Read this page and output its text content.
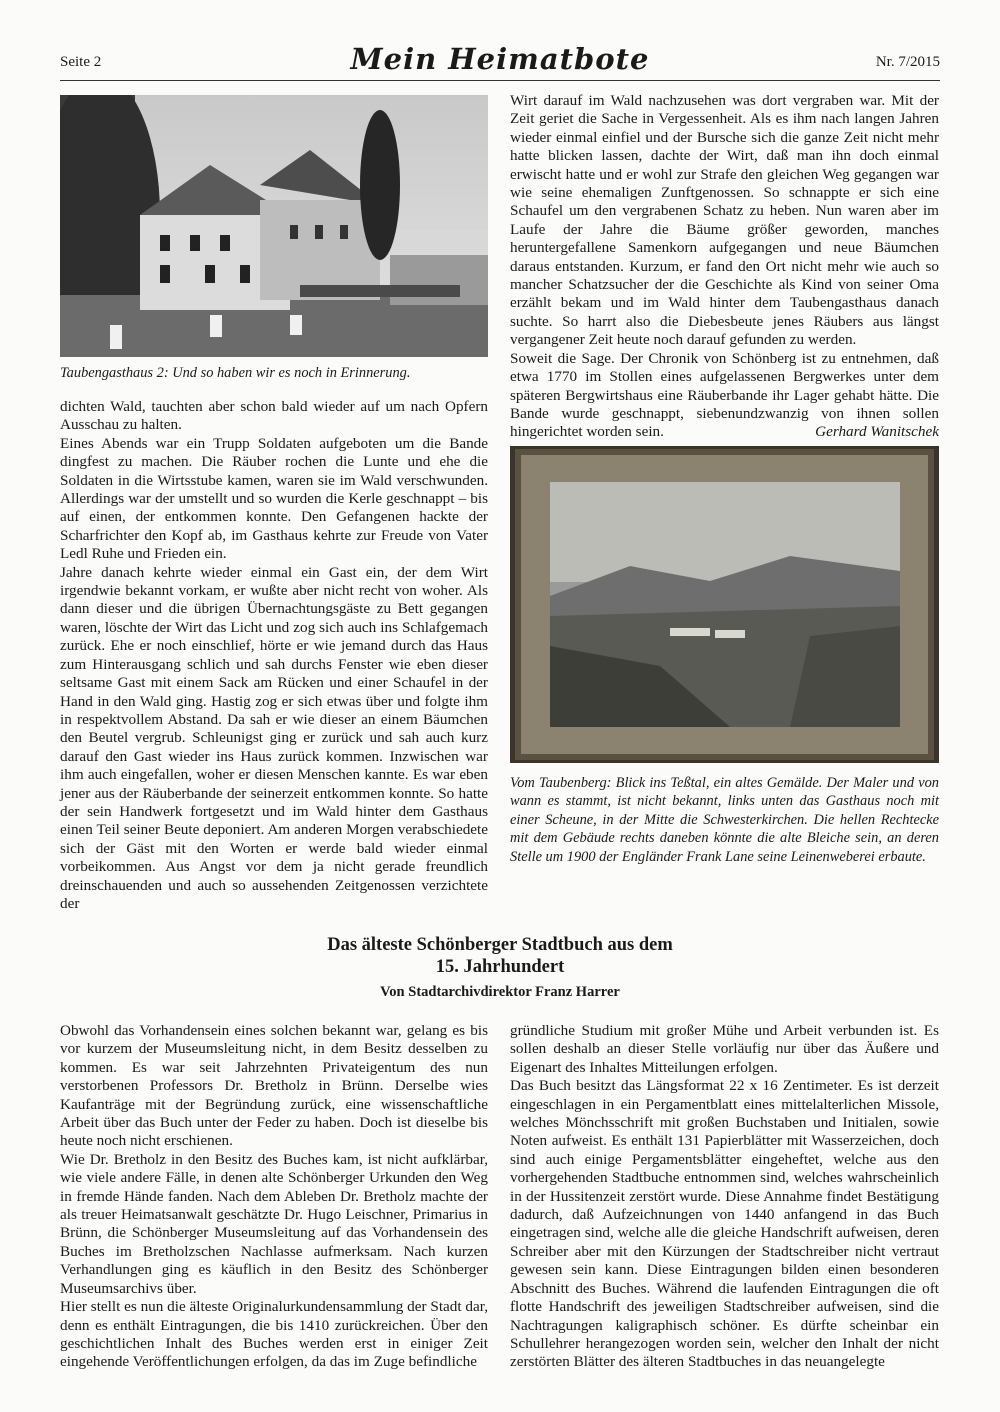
Seite 2	Mein Heimatbote	Nr. 7/2015
Taubengasthaus 2: Und so haben wir es noch in Erinnerung.

dichten Wald, tauchten aber schon bald wieder auf um nach Opfern Ausschau zu halten.

Eines Abends war ein Trupp Soldaten aufgeboten um die Bande dingfest zu machen. Die Räuber rochen die Lunte und ehe die Soldaten in die Wirtsstube kamen, waren sie im Wald verschwunden. Allerdings war der umstellt und so wurden die Kerle geschnappt – bis auf einen, der entkommen konnte. Den Gefangenen hackte der Scharfrichter den Kopf ab, im Gasthaus kehrte zur Freude von Vater Ledl Ruhe und Frieden ein.

Jahre danach kehrte wieder einmal ein Gast ein, der dem Wirt irgendwie bekannt vorkam, er wußte aber nicht recht von woher. Als dann dieser und die übrigen Übernachtungsgäste zu Bett gegangen waren, löschte der Wirt das Licht und zog sich auch ins Schlafgemach zurück. Ehe er noch einschlief, hörte er wie jemand durch das Haus zum Hinterausgang schlich und sah durchs Fenster wie eben dieser seltsame Gast mit einem Sack am Rücken und einer Schaufel in der Hand in den Wald ging. Hastig zog er sich etwas über und folgte ihm in respektvollem Abstand. Da sah er wie dieser an einem Bäumchen den Beutel vergrub. Schleunigst ging er zurück und sah auch kurz darauf den Gast wieder ins Haus zurück kommen. Inzwischen war ihm auch eingefallen, woher er diesen Menschen kannte. Es war eben jener aus der Räuberbande der seinerzeit entkommen konnte. So hatte der sein Handwerk fortgesetzt und im Wald hinter dem Gasthaus einen Teil seiner Beute deponiert. Am anderen Morgen verabschiedete sich der Gäst mit den Worten er werde bald wieder einmal vorbeikommen. Aus Angst vor dem ja nicht gerade freundlich dreinschauenden und auch so aussehenden Zeitgenossen verzichtete der

Wirt darauf im Wald nachzusehen was dort vergraben war. Mit der Zeit geriet die Sache in Vergessenheit. Als es ihm nach langen Jahren wieder einmal einfiel und der Bursche sich die ganze Zeit nicht mehr hatte blicken lassen, dachte der Wirt, daß man ihn doch einmal erwischt hatte und er wohl zur Strafe den gleichen Weg gegangen war wie seine ehemaligen Zunftgenossen. So schnappte er sich eine Schaufel um den vergrabenen Schatz zu heben. Nun waren aber im Laufe der Jahre die Bäume größer geworden, manches heruntergefallene Samenkorn aufgegangen und neue Bäumchen daraus entstanden. Kurzum, er fand den Ort nicht mehr wie auch so mancher Schatzsucher der die Geschichte als Kind von seiner Oma erzählt bekam und im Wald hinter dem Taubengasthaus danach suchte. So harrt also die Diebesbeute jenes Räubers aus längst vergangener Zeit heute noch darauf gefunden zu werden.

Soweit die Sage. Der Chronik von Schönberg ist zu entnehmen, daß etwa 1770 im Stollen eines aufgelassenen Bergwerkes unter dem späteren Bergwirtshaus eine Räuberbande ihr Lager gehabt hätte. Die Bande wurde geschnappt, siebenundzwanzig von ihnen sollen hingerichtet worden sein.	Gerhard Wanitschek

Vom Taubenberg: Blick ins Teßtal, ein altes Gemälde. Der Maler und von wann es stammt, ist nicht bekannt, links unten das Gasthaus noch mit einer Scheune, in der Mitte die Schwesterkirchen. Die hellen Rechtecke mit dem Gebäude rechts daneben könnte die alte Bleiche sein, an deren Stelle um 1900 der Engländer Frank Lane seine Leinenweberei erbaute.
Das älteste Schönberger Stadtbuch aus dem
15. Jahrhundert
Von Stadtarchivdirektor Franz Harrer

Obwohl das Vorhandensein eines solchen bekannt war, gelang es bis vor kurzem der Museumsleitung nicht, in dem Besitz desselben zu kommen. Es war seit Jahrzehnten Privateigentum des nun verstorbenen Professors Dr. Bretholz in Brünn. Derselbe wies Kaufanträge mit der Begründung zurück, eine wissenschaftliche Arbeit über das Buch unter der Feder zu haben. Doch ist dieselbe bis heute noch nicht erschienen.

Wie Dr. Bretholz in den Besitz des Buches kam, ist nicht aufklärbar, wie viele andere Fälle, in denen alte Schönberger Urkunden den Weg in fremde Hände fanden. Nach dem Ableben Dr. Bretholz machte der als treuer Heimatsanwalt geschätzte Dr. Hugo Leischner, Primarius in Brünn, die Schönberger Museumsleitung auf das Vorhandensein des Buches im Bretholzschen Nachlasse aufmerksam. Nach kurzen Verhandlungen ging es käuflich in den Besitz des Schönberger Museumsarchivs über.

Hier stellt es nun die älteste Originalurkundensammlung der Stadt dar, denn es enthält Eintragungen, die bis 1410 zurückreichen. Über den geschichtlichen Inhalt des Buches werden erst in einiger Zeit eingehende Veröffentlichungen erfolgen, da das im Zuge befindliche

gründliche Studium mit großer Mühe und Arbeit verbunden ist. Es sollen deshalb an dieser Stelle vorläufig nur über das Äußere und Eigenart des Inhaltes Mitteilungen erfolgen.

Das Buch besitzt das Längsformat 22 x 16 Zentimeter. Es ist derzeit eingeschlagen in ein Pergamentblatt eines mittelalterlichen Missole, welches Mönchsschrift mit großen Buchstaben und Initialen, sowie Noten aufweist. Es enthält 131 Papierblätter mit Wasserzeichen, doch sind auch einige Pergamentsblätter eingeheftet, welche aus den vorhergehenden Stadtbuche entnommen sind, welches wahrscheinlich in der Hussitenzeit zerstört wurde. Diese Annahme findet Bestätigung dadurch, daß Aufzeichnungen von 1440 anfangend in das Buch eingetragen sind, welche alle die gleiche Handschrift aufweisen, deren Schreiber aber mit den Kürzungen der Stadtschreiber nicht vertraut gewesen sein kann. Diese Eintragungen bilden einen besonderen Abschnitt des Buches. Während die laufenden Eintragungen die oft flotte Handschrift des jeweiligen Stadtschreiber aufweisen, sind die Nachtragungen kaligraphisch schöner. Es dürfte scheinbar ein Schullehrer herangezogen worden sein, welcher den Inhalt der nicht zerstörten Blätter des älteren Stadtbuches in das neuangelegte
